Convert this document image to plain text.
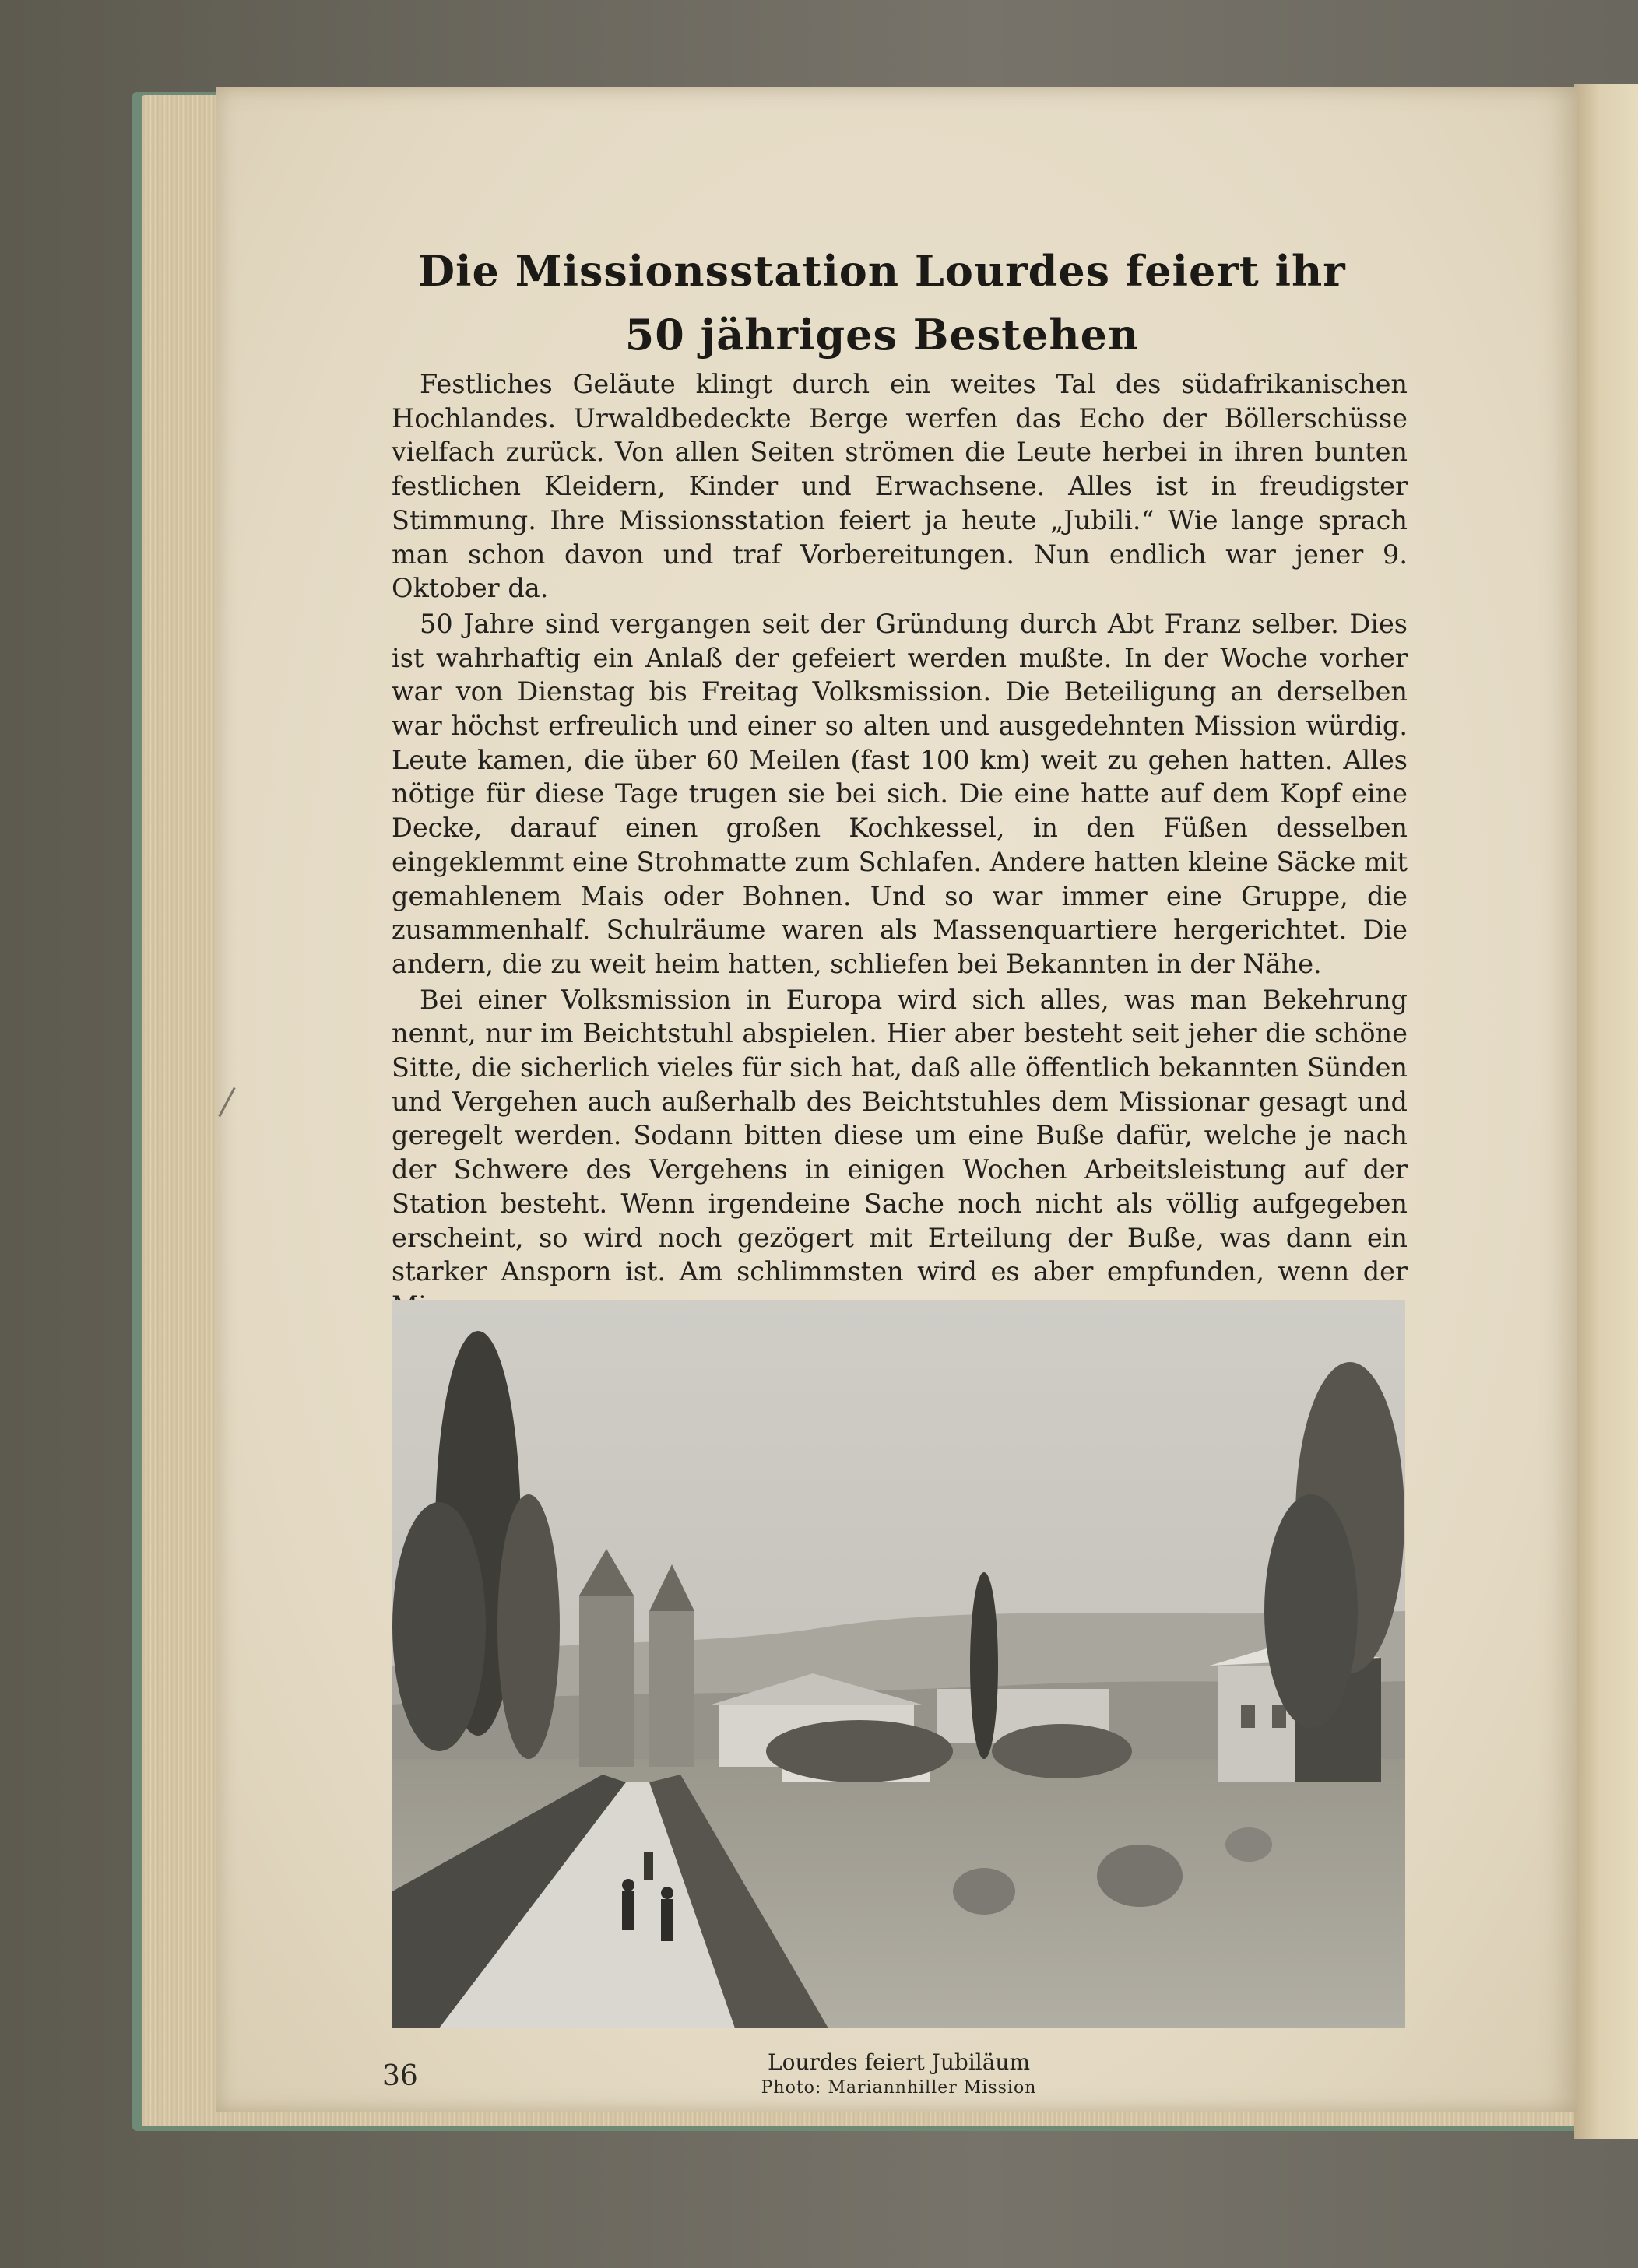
Die Missionsstation Lourdes feiert ihr
50 jähriges Bestehen

Festliches Geläute klingt durch ein weites Tal des südafrikanischen Hochlandes. Urwaldbedeckte Berge werfen das Echo der Böllerschüsse vielfach zurück. Von allen Seiten strömen die Leute herbei in ihren bunten festlichen Kleidern, Kinder und Erwachsene. Alles ist in freudigster Stimmung. Ihre Missionsstation feiert ja heute „Jubili.“ Wie lange sprach man schon davon und traf Vorbereitungen. Nun endlich war jener 9. Oktober da.

50 Jahre sind vergangen seit der Gründung durch Abt Franz selber. Dies ist wahrhaftig ein Anlaß der gefeiert werden mußte. In der Woche vorher war von Dienstag bis Freitag Volksmission. Die Beteiligung an derselben war höchst erfreulich und einer so alten und ausgedehnten Mission würdig. Leute kamen, die über 60 Meilen (fast 100 km) weit zu gehen hatten. Alles nötige für diese Tage trugen sie bei sich. Die eine hatte auf dem Kopf eine Decke, darauf einen großen Kochkessel, in den Füßen desselben eingeklemmt eine Strohmatte zum Schlafen. Andere hatten kleine Säcke mit gemahlenem Mais oder Bohnen. Und so war immer eine Gruppe, die zusammenhalf. Schulräume waren als Massenquartiere hergerichtet. Die andern, die zu weit heim hatten, schliefen bei Bekannten in der Nähe.

Bei einer Volksmission in Europa wird sich alles, was man Bekehrung nennt, nur im Beichtstuhl abspielen. Hier aber besteht seit jeher die schöne Sitte, die sicherlich vieles für sich hat, daß alle öffentlich bekannten Sünden und Vergehen auch außerhalb des Beichtstuhles dem Missionar gesagt und geregelt werden. Sodann bitten diese um eine Buße dafür, welche je nach der Schwere des Vergehens in einigen Wochen Arbeitsleistung auf der Station besteht. Wenn irgendeine Sache noch nicht als völlig aufgegeben erscheint, so wird noch gezögert mit Erteilung der Buße, was dann ein starker Ansporn ist. Am schlimmsten wird es aber empfunden, wenn der

Lourdes feiert Jubiläum
Photo: Mariannhiller Mission
36
